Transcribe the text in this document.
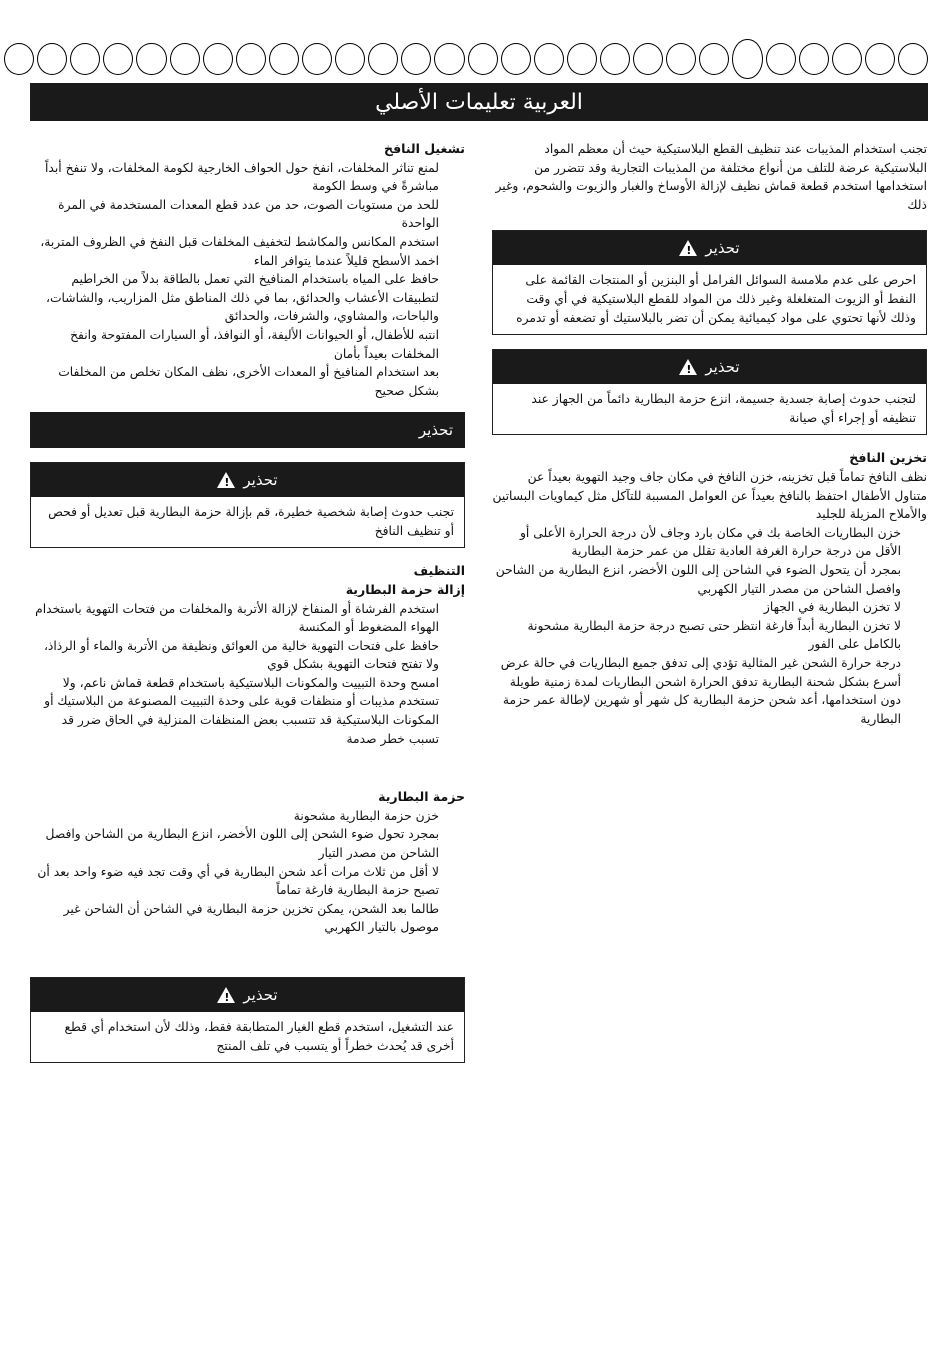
العربية تعليمات الأصلي

تشغيل النافخ

لمنع تناثر المخلفات، انفخ حول الحواف الخارجية لكومة المخلفات، ولا تنفخ أبداً مباشرةً في وسط الكومة

للحد من مستويات الصوت، حد من عدد قطع المعدات المستخدمة في المرة الواحدة

استخدم المكانس والمكاشط لتخفيف المخلفات قبل النفخ في الظروف المتربة، اخمد الأسطح قليلاً عندما يتوافر الماء

حافظ على المياه باستخدام المنافيخ التي تعمل بالطاقة بدلاً من الخراطيم لتطبيقات الأعشاب والحدائق، بما في ذلك المناطق مثل المزاريب، والشاشات، والباحات، والمشاوي، والشرفات، والحدائق

انتبه للأطفال، أو الحيوانات الأليفة، أو النوافذ، أو السيارات المفتوحة وانفخ المخلفات بعيداً بأمان

بعد استخدام المنافيخ أو المعدات الأخرى، نظف المكان تخلص من المخلفات بشكل صحيح

تحذير
تحذير
!
تجنب حدوث إصابة شخصية خطيرة، قم بإزالة حزمة البطارية قبل تعديل أو فحص أو تنظيف النافخ

التنظيف

إزالة حزمة البطارية

استخدم الفرشاة أو المنفاخ لإزالة الأتربة والمخلفات من فتحات التهوية باستخدام الهواء المضغوط أو المكنسة

حافظ على فتحات التهوية خالية من العوائق ونظيفة من الأتربة والماء أو الرذاذ، ولا تفتح فتحات التهوية بشكل قوي

امسح وحدة التبييت والمكونات البلاستيكية باستخدام قطعة قماش ناعم، ولا تستخدم مذيبات أو منظفات قوية على وحدة التبييت المصنوعة من البلاستيك أو المكونات البلاستيكية قد تتسبب بعض المنظفات المنزلية في الحاق ضرر قد تسبب خطر صدمة

حزمة البطارية

خزن حزمة البطارية مشحونة

بمجرد تحول ضوء الشحن إلى اللون الأخضر، انزع البطارية من الشاحن وافصل الشاحن من مصدر التيار

لا أقل من ثلاث مرات أعد شحن البطارية في أي وقت تجد فيه ضوء واحد بعد أن تصبح حزمة البطارية فارغة تماماً

طالما بعد الشحن، يمكن تخزين حزمة البطارية في الشاحن أن الشاحن غير موصول بالتيار الكهربي

تحذير
!
عند التشغيل، استخدم قطع الغيار المتطابقة فقط، وذلك لأن استخدام أي قطع أخرى قد يُحدث خطراً أو يتسبب في تلف المنتج

تجنب استخدام المذيبات عند تنظيف القطع البلاستيكية حيث أن معظم المواد البلاستيكية عرضة للتلف من أنواع مختلفة من المذيبات التجارية وقد تتضرر من استخدامها استخدم قطعة قماش نظيف لإزالة الأوساخ والغبار والزيوت والشحوم، وغير ذلك

تحذير
!
احرص على عدم ملامسة السوائل الفرامل أو البنزين أو المنتجات القائمة على النفط أو الزيوت المتغلغلة وغير ذلك من المواد للقطع البلاستيكية في أي وقت وذلك لأنها تحتوي على مواد كيميائية يمكن أن تضر بالبلاستيك أو تضعفه أو تدمره
تحذير
!
لتجنب حدوث إصابة جسدية جسيمة، انزع حزمة البطارية دائماً من الجهاز عند تنظيفه أو إجراء أي صيانة

تخزين النافخ

نظف النافخ تماماً قبل تخزينه، خزن النافخ في مكان جاف وجيد التهوية بعيداً عن متناول الأطفال احتفظ بالنافخ بعيداً عن العوامل المسببة للتآكل مثل كيماويات البساتين والأملاح المزيلة للجليد

خزن البطاريات الخاصة بك في مكان بارد وجاف لأن درجة الحرارة الأعلى أو الأقل من درجة حرارة الغرفة العادية تقلل من عمر حزمة البطارية

بمجرد أن يتحول الضوء في الشاحن إلى اللون الأخضر، انزع البطارية من الشاحن وافصل الشاحن من مصدر التيار الكهربي

لا تخزن البطارية في الجهاز

لا تخزن البطارية أبداً فارغة انتظر حتى تصبح درجة حزمة البطارية مشحونة بالكامل على الفور

درجة حرارة الشحن غير المثالية تؤدي إلى تدفق جميع البطاريات في حالة عرض أسرع بشكل شحنة البطارية تدفق الحرارة اشحن البطاريات لمدة زمنية طويلة دون استخدامها، أعد شحن حزمة البطارية كل شهر أو شهرين لإطالة عمر حزمة البطارية
